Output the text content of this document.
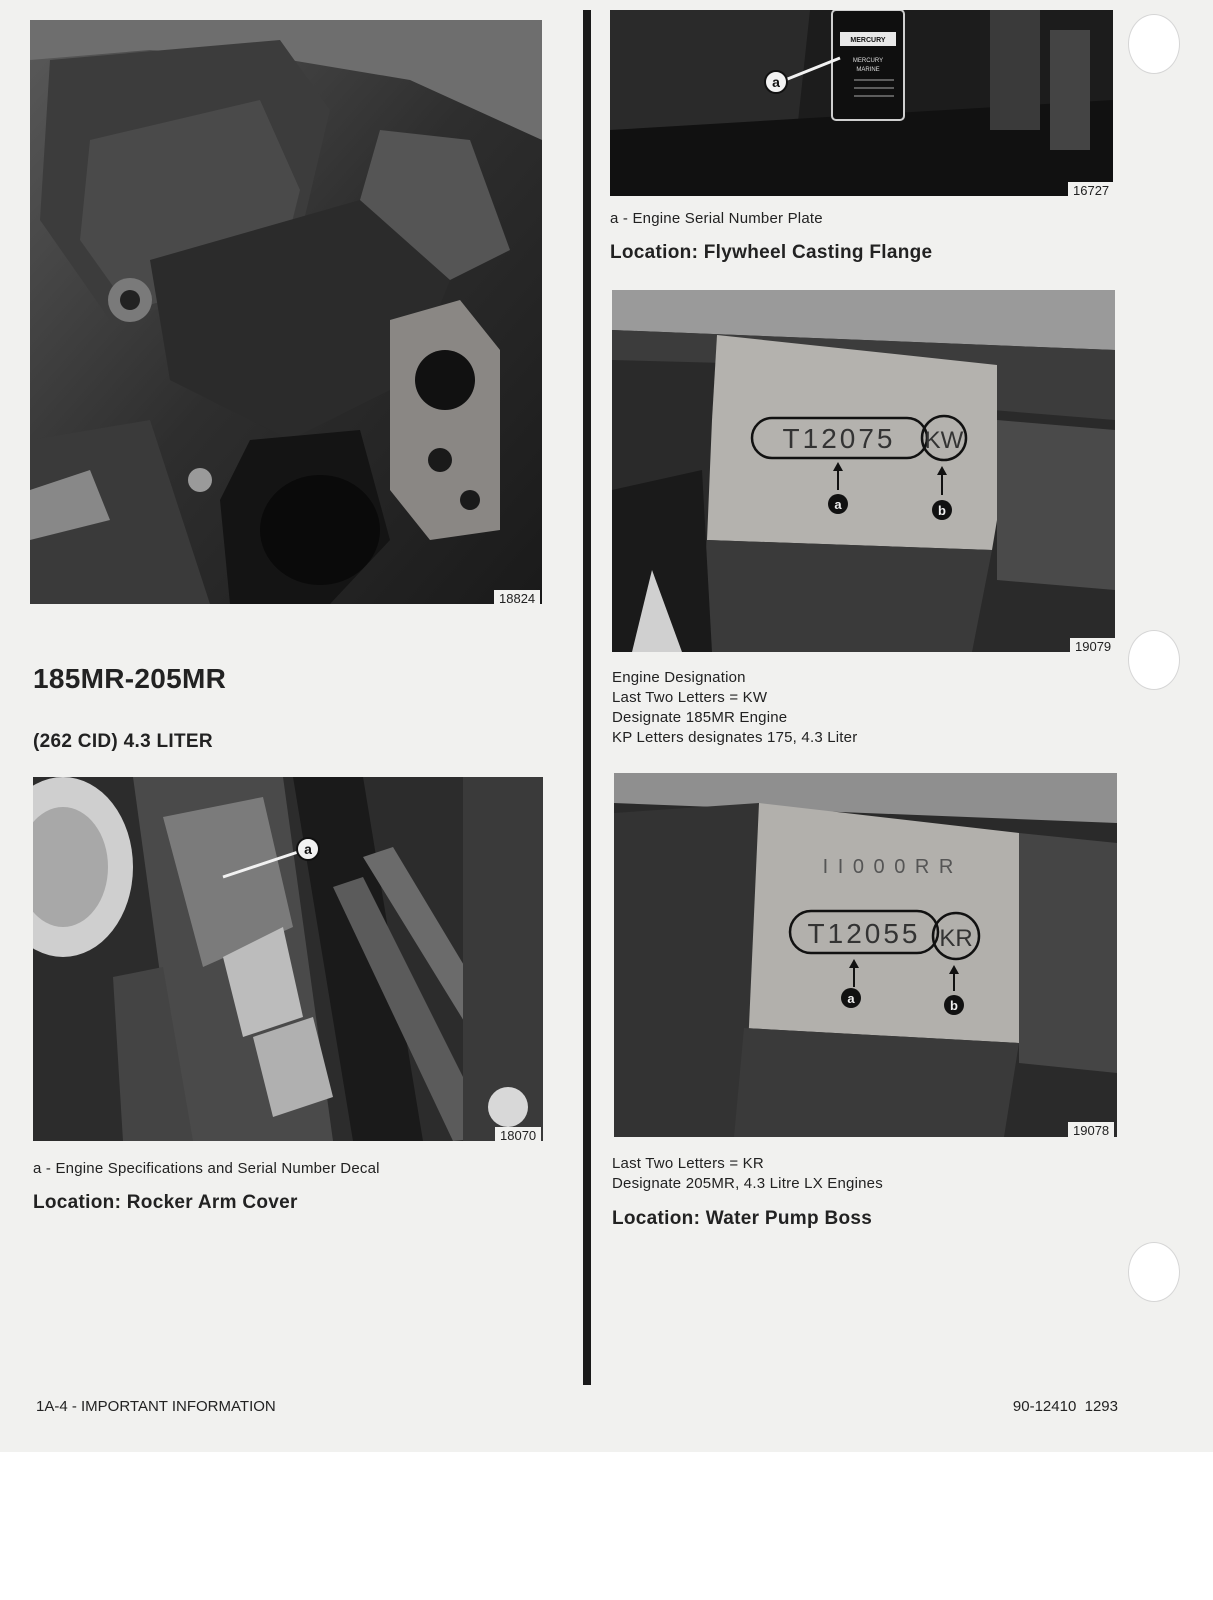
18824
185MR-205MR
(262 CID) 4.3 LITER
a
18070
a - Engine Specifications and Serial Number Decal
Location: Rocker Arm Cover
MERCURY
MERCURY
MARINE
a
16727
a - Engine Serial Number Plate
Location: Flywheel Casting Flange
T12075 KW
a	b
19079
Engine Designation
Last Two Letters = KW
Designate 185MR Engine
KP Letters designates 175, 4.3 Liter
I I 0 0 0 R R
T12055 KR
a	b
19078
Last Two Letters = KR
Designate 205MR, 4.3 Litre LX Engines
Location: Water Pump Boss
1A-4 - IMPORTANT INFORMATION	90-12410  1293
